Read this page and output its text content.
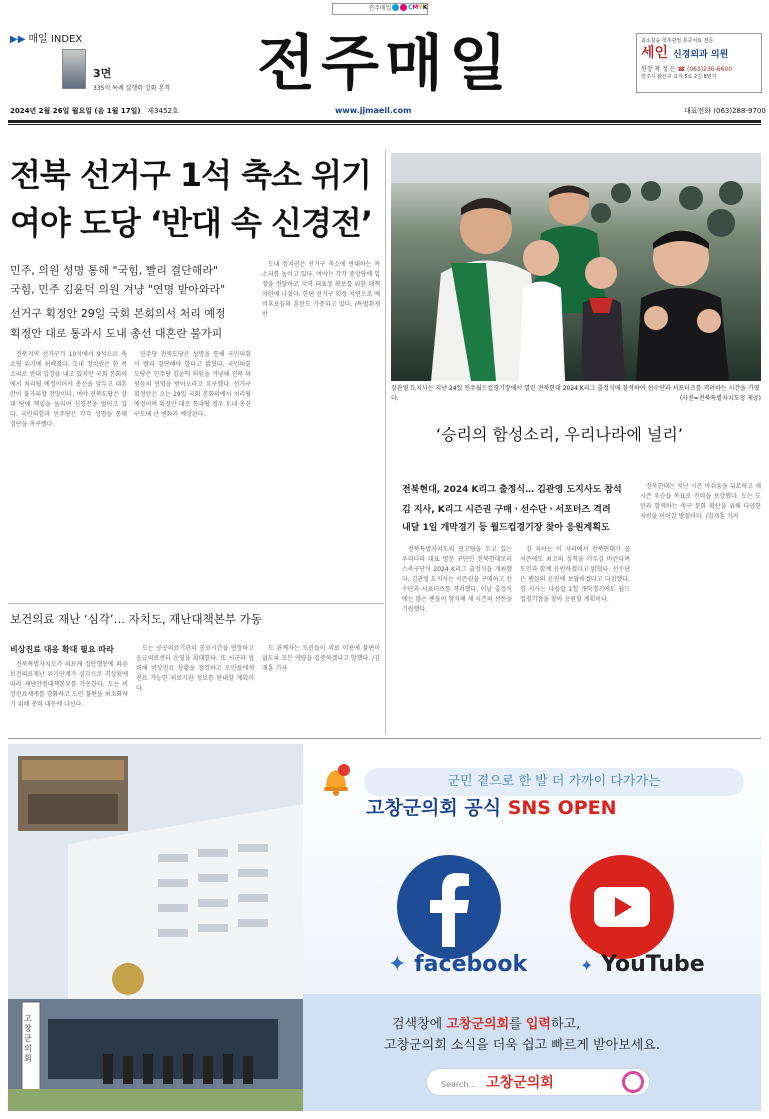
전주매일	CMYK
▶▶ 매일 INDEX
3면
335억 특례 실행력 강화 본격 전주매일	최소침습 척추관절 통증치료 전문
세인 신경외과 의원
원장 곽 정 은 ☎ (063)236-6600
전주시 완산구 효자 5로 2길 8번지
2024년 2월 26일 월요일 (음 1월 17일) 제3452호	www.jjmaeil.com	대표전화 (063)288-9700
전북 선거구 1석 축소 위기
여야 도당 ‘반대 속 신경전’
민주, 의원 성명 통해 "국힘, 빨리 결단해라"
국힘, 민주 김윤덕 의원 겨냥 "연명 받아와라"
선거구 획정안 29일 국회 본회의서 처리 예정
획정안 대로 통과시 도내 총선 대혼란 불가피

전북지역 선거구가 10석에서 9석으로 축소될 위기에 처해졌다. 도내 정치권은 한 목소리로 반대 입장을 내고 있지만 국회 본회의에서 처리될 예정이어서 총선을 앞두고 대혼란이 불가피할 전망이다. 여야 전북도당은 상대 당에 책임을 돌리며 신경전을 벌이고 있다. 국민의힘과 민주당은 각각 성명을 통해 결단을 촉구했다.

민주당 전북도당은 성명을 통해 국민의힘이 빨리 결단해야 한다고 밝혔다. 국민의힘 도당은 민주당 김윤덕 의원을 겨냥해 전북 의원들의 연명을 받아오라고 요구했다. 선거구 획정안은 오는 29일 국회 본회의에서 처리될 예정이며 획정안 대로 통과될 경우 도내 총선 구도에 큰 변화가 예상된다.

도내 정치권은 선거구 축소에 반대하는 목소리를 높이고 있다. 여야는 각각 중앙당에 입장을 전달하고 지역 대표성 확보를 위한 대책 마련에 나섰다. 한편 선거구 획정 지연으로 예비후보들의 혼란도 가중되고 있다. /특별취재반

김관영 도지사는 지난 24일 전주월드컵경기장에서 열린 전북현대 2024 K리그 출정식에 참석하여 선수단과 서포터즈를 격려하는 시간을 가졌다.	(사진=전북특별자치도청 제공)
‘승리의 함성소리, 우리나라에 널리’
전북현대, 2024 K리그 출정식… 김관영 도지사도 참석
김 지사, K리그 시즌권 구매ㆍ선수단ㆍ서포터즈 격려
내달 1일 개막경기 등 월드컵경기장 찾아 응원계획도

전북특별자치도의 연고팀을 두고 있는 우리나라 대표 명문 구단인 전북현대모터스축구단이 2024 K리그 출정식을 개최했다. 김관영 도지사는 시즌권을 구매하고 선수단과 서포터즈를 격려했다. 이날 출정식에는 많은 팬들이 참석해 새 시즌의 선전을 기원했다.

김 지사는 이 자리에서 전북현대가 올 시즌에도 최고의 성적을 거두길 바란다며 도민과 함께 응원하겠다고 밝혔다. 선수단은 팬들의 응원에 보답하겠다고 다짐했다. 김 지사는 다음달 1일 개막경기에도 월드컵경기장을 찾아 응원할 계획이다.

전북현대는 지난 시즌 아쉬움을 뒤로하고 새 시즌 우승을 목표로 전력을 보강했다. 도는 도민과 함께하는 축구 문화 확산을 위해 다양한 지원을 이어갈 방침이다. /김재훈 기자

보건의료 재난 ‘심각’… 자치도, 재난대책본부 가동
비상진료 대응 확대 필요 따라

전북특별자치도가 의료계 집단행동에 따른 보건의료재난 위기단계가 심각으로 격상됨에 따라 재난안전대책본부를 가동한다. 도는 비상진료체계를 강화하고 도민 불편을 최소화하기 위해 총력 대응에 나선다.

도는 공공의료기관의 진료시간을 연장하고 응급의료센터 운영을 확대한다. 또 시군과 협력해 비상진료 상황을 점검하고 도민들에게 진료 가능한 의료기관 정보를 안내할 계획이다.

도 관계자는 도민들이 의료 이용에 불편이 없도록 모든 역량을 집중하겠다고 말했다. /김재훈 기자

고 창 군 의 회
군민 곁으로 한 발 더 가까이 다가가는
고창군의회 공식 SNS OPEN
✦ facebook	✦ YouTube
검색창에 고창군의회를 입력하고,
고창군의회 소식을 더욱 쉽고 빠르게 받아보세요.
Search... 고창군의회
